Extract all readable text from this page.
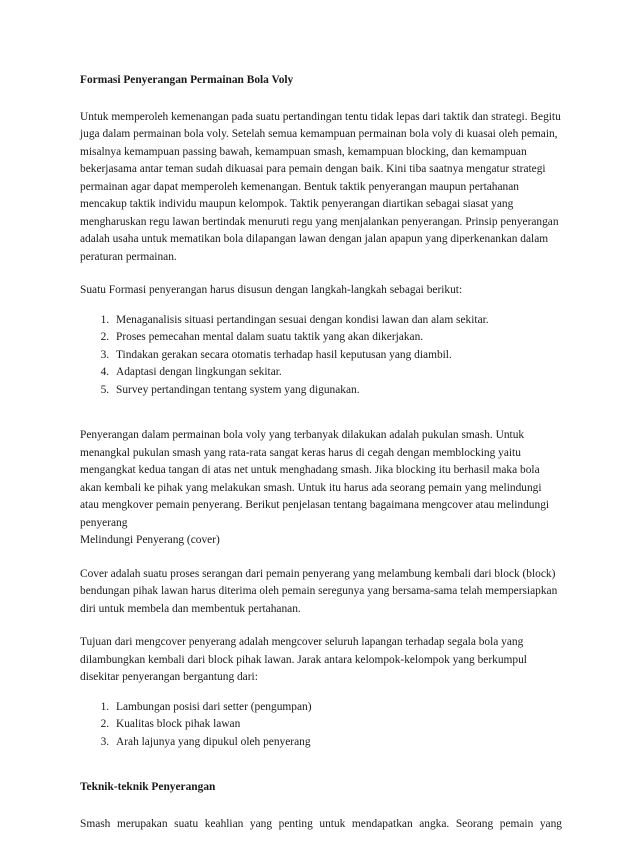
Formasi Penyerangan Permainan Bola Voly

Untuk memperoleh kemenangan pada suatu pertandingan tentu tidak lepas dari taktik dan strategi. Begitu juga dalam permainan bola voly. Setelah semua kemampuan permainan bola voly di kuasai oleh pemain, misalnya kemampuan passing bawah, kemampuan smash, kemampuan blocking, dan kemampuan bekerjasama antar teman sudah dikuasai para pemain dengan baik. Kini tiba saatnya mengatur strategi permainan agar dapat memperoleh kemenangan. Bentuk taktik penyerangan maupun pertahanan mencakup taktik individu maupun kelompok. Taktik penyerangan diartikan sebagai siasat yang mengharuskan regu lawan bertindak menuruti regu yang menjalankan penyerangan. Prinsip penyerangan adalah usaha untuk mematikan bola dilapangan lawan dengan jalan apapun yang diperkenankan dalam peraturan permainan.

Suatu Formasi penyerangan harus disusun dengan langkah-langkah sebagai berikut:

1. Menaganalisis situasi pertandingan sesuai dengan kondisi lawan dan alam sekitar.
2. Proses pemecahan mental dalam suatu taktik yang akan dikerjakan.
3. Tindakan gerakan secara otomatis terhadap hasil keputusan yang diambil.
4. Adaptasi dengan lingkungan sekitar.
5. Survey pertandingan tentang system yang digunakan.

Penyerangan dalam permainan bola voly yang terbanyak dilakukan adalah pukulan smash. Untuk menangkal pukulan smash yang rata-rata sangat keras harus di cegah dengan memblocking yaitu mengangkat kedua tangan di atas net untuk menghadang smash. Jika blocking itu berhasil maka bola akan kembali ke pihak yang melakukan smash. Untuk itu harus ada seorang pemain yang melindungi atau mengkover pemain penyerang. Berikut penjelasan tentang bagaimana mengcover atau melindungi penyerang

Melindungi Penyerang (cover)

Cover adalah suatu proses serangan dari pemain penyerang yang melambung kembali dari block (block) bendungan pihak lawan harus diterima oleh pemain seregunya yang bersama-sama telah mempersiapkan diri untuk membela dan membentuk pertahanan.

Tujuan dari mengcover penyerang adalah mengcover seluruh lapangan terhadap segala bola yang dilambungkan kembali dari block pihak lawan. Jarak antara kelompok-kelompok yang berkumpul disekitar penyerangan bergantung dari:

1. Lambungan posisi dari setter (pengumpan)
2. Kualitas block pihak lawan
3. Arah lajunya yang dipukul oleh penyerang

Teknik-teknik Penyerangan

Smash merupakan suatu keahlian yang penting untuk mendapatkan angka. Seorang pemain yang
